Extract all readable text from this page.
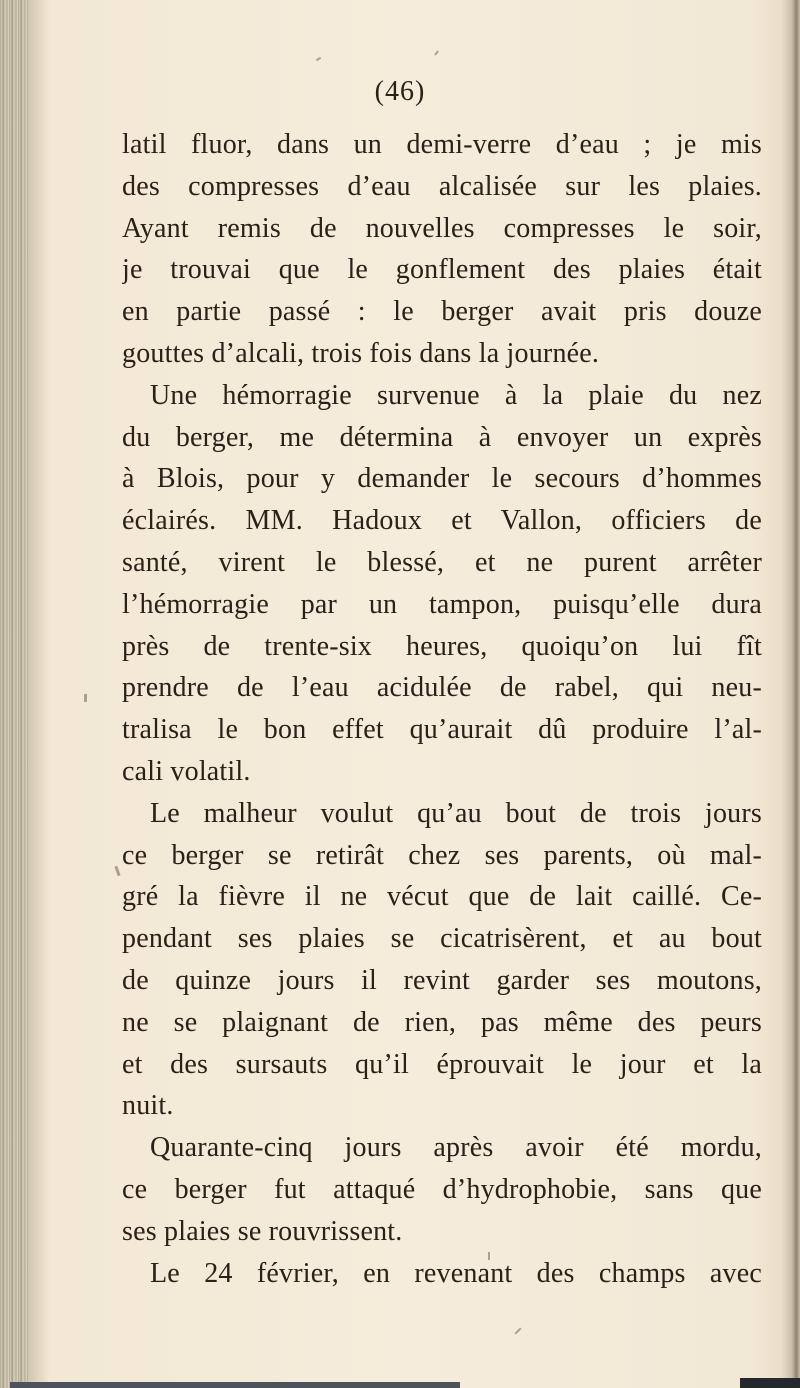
(46)
latil fluor, dans un demi-verre d’eau ; je mis
des compresses d’eau alcalisée sur les plaies.
Ayant remis de nouvelles compresses le soir,
je trouvai que le gonflement des plaies était
en partie passé : le berger avait pris douze
gouttes d’alcali, trois fois dans la journée.
Une hémorragie survenue à la plaie du nez
du berger, me détermina à envoyer un exprès
à Blois, pour y demander le secours d’hommes
éclairés. MM. Hadoux et Vallon, officiers de
santé, virent le blessé, et ne purent arrêter
l’hémorragie par un tampon, puisqu’elle dura
près de trente-six heures, quoiqu’on lui fît
prendre de l’eau acidulée de rabel, qui neu-
tralisa le bon effet qu’aurait dû produire l’al-
cali volatil.
Le malheur voulut qu’au bout de trois jours
ce berger se retirât chez ses parents, où mal-
gré la fièvre il ne vécut que de lait caillé. Ce-
pendant ses plaies se cicatrisèrent, et au bout
de quinze jours il revint garder ses moutons,
ne se plaignant de rien, pas même des peurs
et des sursauts qu’il éprouvait le jour et la
nuit.
Quarante-cinq jours après avoir été mordu,
ce berger fut attaqué d’hydrophobie, sans que
ses plaies se rouvrissent.
Le 24 février, en revenant des champs avec
